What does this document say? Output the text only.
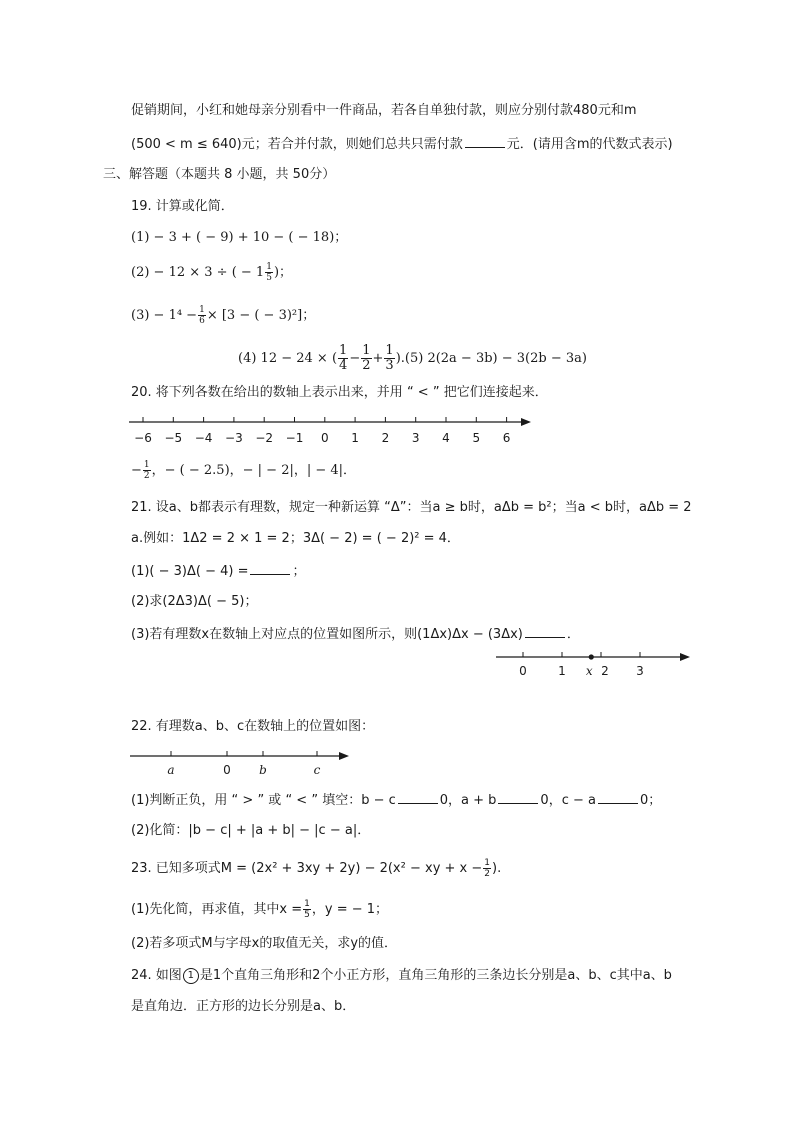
促销期间，小红和她母亲分别看中一件商品，若各自单独付款，则应分别付款480元和m
(500 < m ≤ 640)元；若合并付款，则她们总共只需付款	元．(请用含m的代数式表示)
三、解答题（本题共 8 小题，共 50分）
19. 计算或化简．
(1) − 3 + ( − 9) + 10 − ( − 18)；
(2) − 12 × 3 ÷ ( − $1 \frac{1}{5}$ )；
$(3) - 1^4 - \frac{1}{6} \times [3$ − ( − 3)²]；
(4) 12 − 24 × ( $\frac{1}{4} - \frac{1}{2} + \frac{1}{3} ).(5)$ 2(2a − 3b) − 3(2b − 3a)
20. 将下列各数在给出的数轴上表示出来，并用 “ < ” 把它们连接起来．
−6 −5 −4 −3 −2 −1 0 1 2 3 4 5 6
− $\frac{1}{2}$ ，− ( − 2.5)，− | − 2|，| − 4|．
21. 设a、b都表示有理数，规定一种新运算 “Δ”：当a ≥ b时，aΔb = b²；当a < b时，aΔb = 2
a.例如：1Δ2 = 2 × 1 = 2；3Δ( − 2) = ( − 2)² = 4．
(1)( − 3)Δ( − 4) =	；
(2)求(2Δ3)Δ( − 5)；
(3)若有理数x在数轴上对应点的位置如图所示，则(1Δx)Δx − (3Δx)	．
0	1	2 3
x
22. 有理数a、b、c在数轴上的位置如图：
a	0 b	c
(1)判断正负，用 “ > ” 或 “ < ” 填空：b − c	0，a + b	0，c − a	0；
(2)化简：|b − c| + |a + b| − |c − a|．
23. 已知多项式M = (2x² + 3xy + 2y) − 2(x² − xy + $x - \frac{1}{2}$ ).
(1)先化简，再求值，其中$x = \frac{1}{5}$ ，y = − 1；
(2)若多项式M与字母x的取值无关，求y的值．
24. 如图 1 是1个直角三角形和2个小正方形，直角三角形的三条边长分别是a、b、c其中a、b
是直角边．正方形的边长分别是a、b．
